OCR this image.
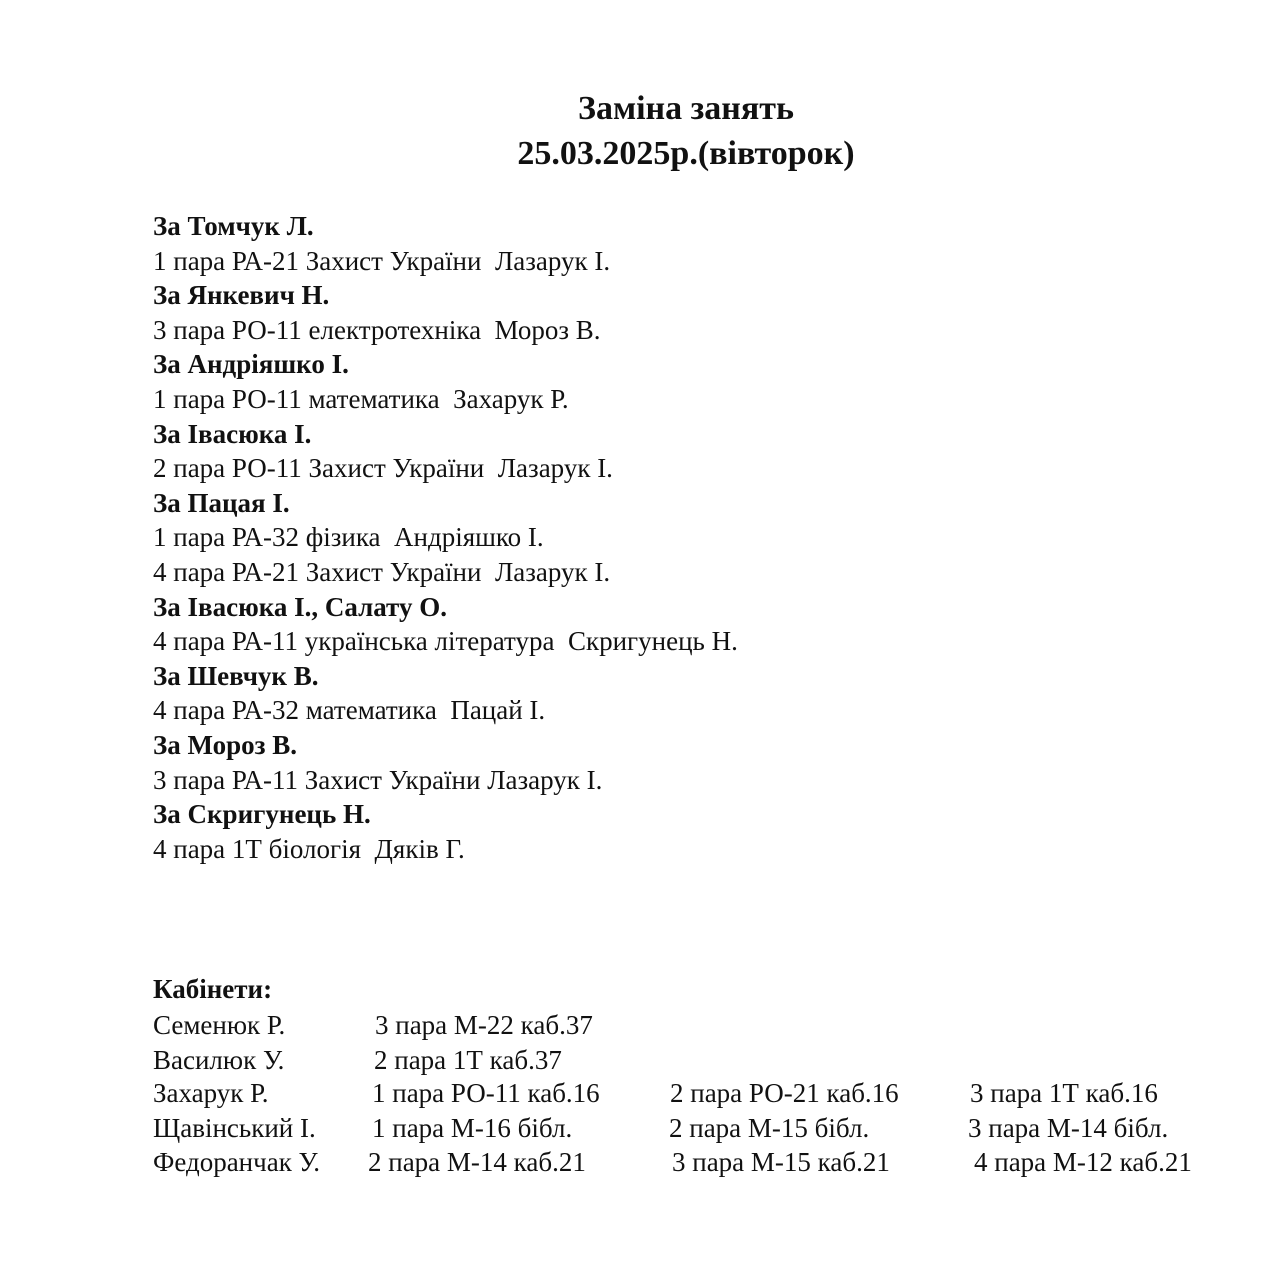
Заміна занять
25.03.2025р.(вівторок)
За Томчук Л.
1 пара РА-21 Захист України  Лазарук І.
За Янкевич Н.
3 пара РО-11 електротехніка  Мороз В.
За Андріяшко І.
1 пара РО-11 математика  Захарук Р.
За Івасюка І.
2 пара РО-11 Захист України  Лазарук І.
За Пацая І.
1 пара РА-32 фізика  Андріяшко І.
4 пара РА-21 Захист України  Лазарук І.
За Івасюка І., Салату О.
4 пара РА-11 українська література  Скригунець Н.
За Шевчук В.
4 пара РА-32 математика  Пацай І.
За Мороз В.
3 пара РА-11 Захист України Лазарук І.
За Скригунець Н.
4 пара 1Т біологія  Дяків Г.
Кабінети:
Семенюк Р.	3 пара М-22 каб.37
Василюк У.	2 пара 1Т каб.37
Захарук Р.	1 пара РО-11 каб.16	2 пара РО-21 каб.16	3 пара 1Т каб.16
Щавінський І. 1 пара М-16 бібл.	2 пара М-15 бібл.	3 пара М-14 бібл.
Федоранчак У. 2 пара М-14 каб.21	3 пара М-15 каб.21	4 пара М-12 каб.21
